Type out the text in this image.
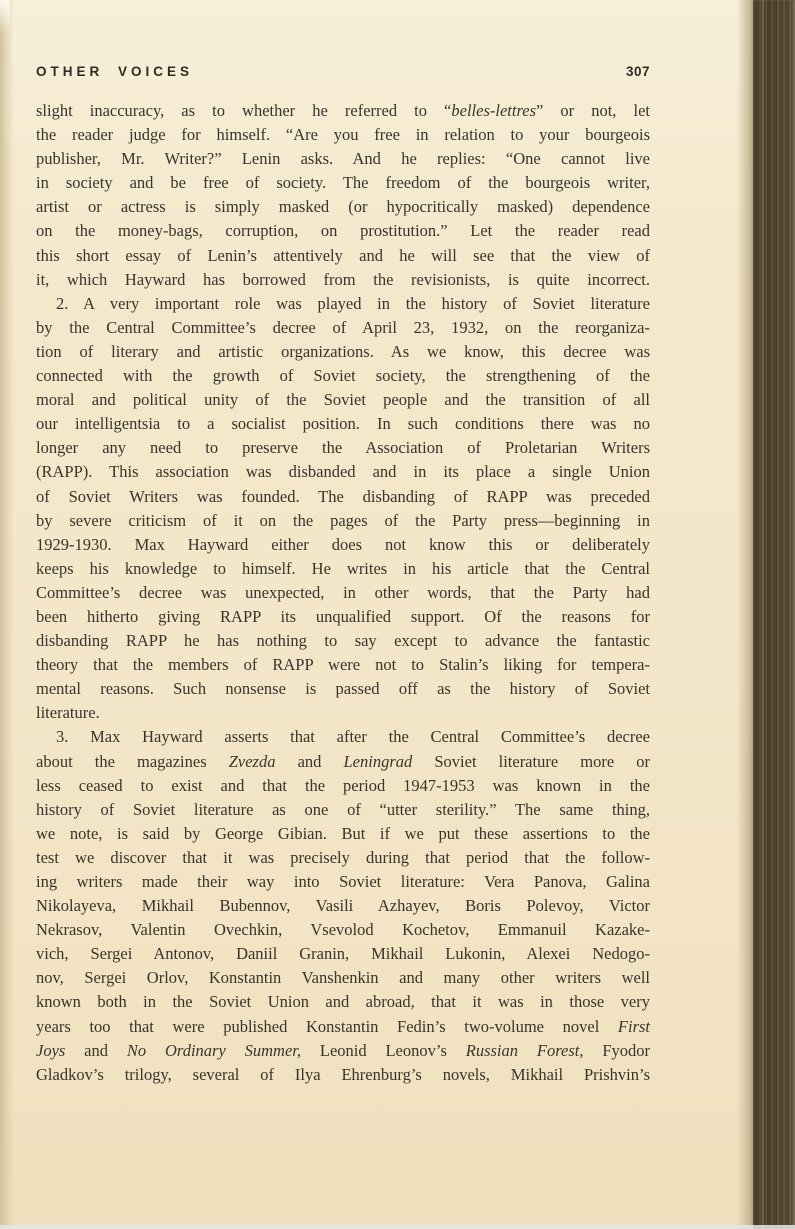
OTHER VOICES	307
slight inaccuracy, as to whether he referred to “belles-lettres” or not, let
the reader judge for himself. “Are you free in relation to your bourgeois
publisher, Mr. Writer?” Lenin asks. And he replies: “One cannot live
in society and be free of society. The freedom of the bourgeois writer,
artist or actress is simply masked (or hypocritically masked) dependence
on the money-bags, corruption, on prostitution.” Let the reader read
this short essay of Lenin’s attentively and he will see that the view of
it, which Hayward has borrowed from the revisionists, is quite incorrect.
2. A very important role was played in the history of Soviet literature
by the Central Committee’s decree of April 23, 1932, on the reorganiza-
tion of literary and artistic organizations. As we know, this decree was
connected with the growth of Soviet society, the strengthening of the
moral and political unity of the Soviet people and the transition of all
our intelligentsia to a socialist position. In such conditions there was no
longer any need to preserve the Association of Proletarian Writers
(RAPP). This association was disbanded and in its place a single Union
of Soviet Writers was founded. The disbanding of RAPP was preceded
by severe criticism of it on the pages of the Party press—beginning in
1929-1930. Max Hayward either does not know this or deliberately
keeps his knowledge to himself. He writes in his article that the Central
Committee’s decree was unexpected, in other words, that the Party had
been hitherto giving RAPP its unqualified support. Of the reasons for
disbanding RAPP he has nothing to say except to advance the fantastic
theory that the members of RAPP were not to Stalin’s liking for tempera-
mental reasons. Such nonsense is passed off as the history of Soviet
literature.
3. Max Hayward asserts that after the Central Committee’s decree
about the magazines Zvezda and Leningrad Soviet literature more or
less ceased to exist and that the period 1947-1953 was known in the
history of Soviet literature as one of “utter sterility.” The same thing,
we note, is said by George Gibian. But if we put these assertions to the
test we discover that it was precisely during that period that the follow-
ing writers made their way into Soviet literature: Vera Panova, Galina
Nikolayeva, Mikhail Bubennov, Vasili Azhayev, Boris Polevoy, Victor
Nekrasov, Valentin Ovechkin, Vsevolod Kochetov, Emmanuil Kazake-
vich, Sergei Antonov, Daniil Granin, Mikhail Lukonin, Alexei Nedogo-
nov, Sergei Orlov, Konstantin Vanshenkin and many other writers well
known both in the Soviet Union and abroad, that it was in those very
years too that were published Konstantin Fedin’s two-volume novel First
Joys and No Ordinary Summer, Leonid Leonov’s Russian Forest, Fyodor
Gladkov’s trilogy, several of Ilya Ehrenburg’s novels, Mikhail Prishvin’s
